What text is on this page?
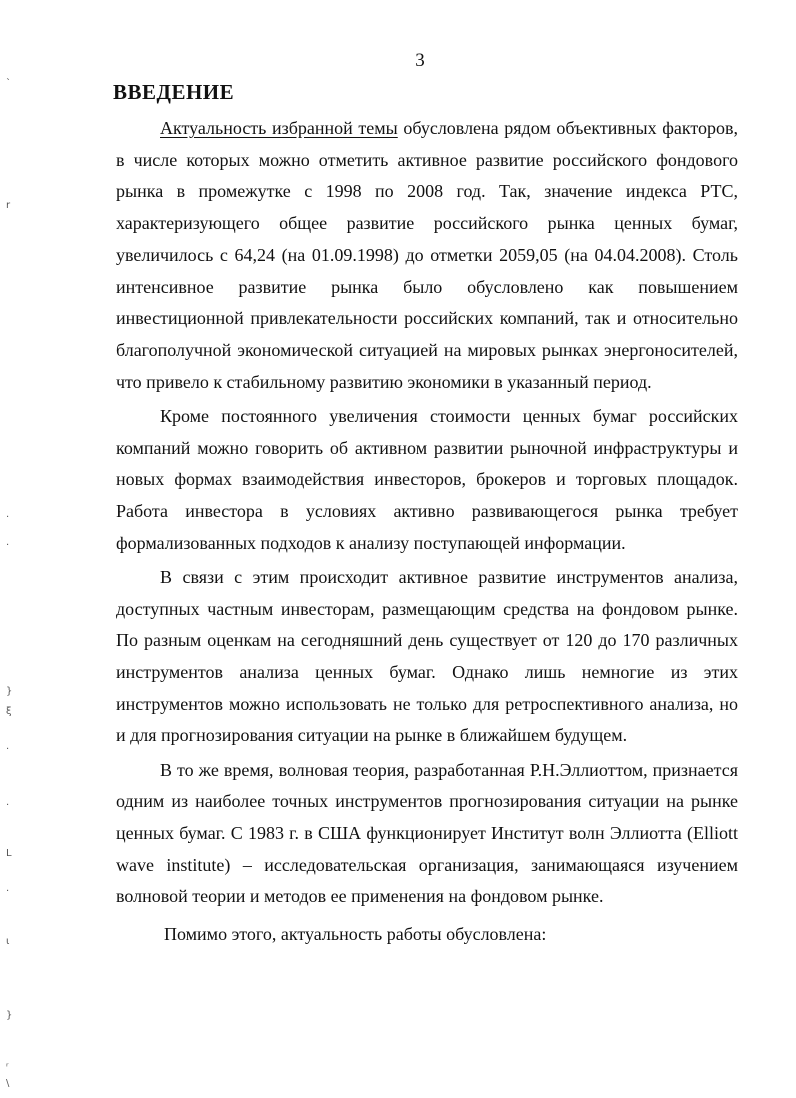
`
r
·
·
}
ξ
·
·
L
·
ι
}
ʳ
\
3
ВВЕДЕНИЕ

Актуальность избранной темы обусловлена рядом объективных факторов, в числе которых можно отметить активное развитие российского фондового рынка в промежутке с 1998 по 2008 год. Так, значение индекса РТС, характеризующего общее развитие российского рынка ценных бумаг, увеличилось с 64,24 (на 01.09.1998) до отметки 2059,05 (на 04.04.2008). Столь интенсивное развитие рынка было обусловлено как повышением инвестиционной привлекательности российских компаний, так и относительно благополучной экономической ситуацией на мировых рынках энергоносителей, что привело к стабильному развитию экономики в указанный период.

Кроме постоянного увеличения стоимости ценных бумаг российских компаний можно говорить об активном развитии рыночной инфраструктуры и новых формах взаимодействия инвесторов, брокеров и торговых площадок. Работа инвестора в условиях активно развивающегося рынка требует формализованных подходов к анализу поступающей информации.

В связи с этим происходит активное развитие инструментов анализа, доступных частным инвесторам, размещающим средства на фондовом рынке. По разным оценкам на сегодняшний день существует от 120 до 170 различных инструментов анализа ценных бумаг. Однако лишь немногие из этих инструментов можно использовать не только для ретроспективного анализа, но и для прогнозирования ситуации на рынке в ближайшем будущем.

В то же время, волновая теория, разработанная Р.Н.Эллиоттом, признается одним из наиболее точных инструментов прогнозирования ситуации на рынке ценных бумаг. С 1983 г. в США функционирует Институт волн Эллиотта (Elliott wave institute) – исследовательская организация, занимающаяся изучением волновой теории и методов ее применения на фондовом рынке.

Помимо этого, актуальность работы обусловлена:
